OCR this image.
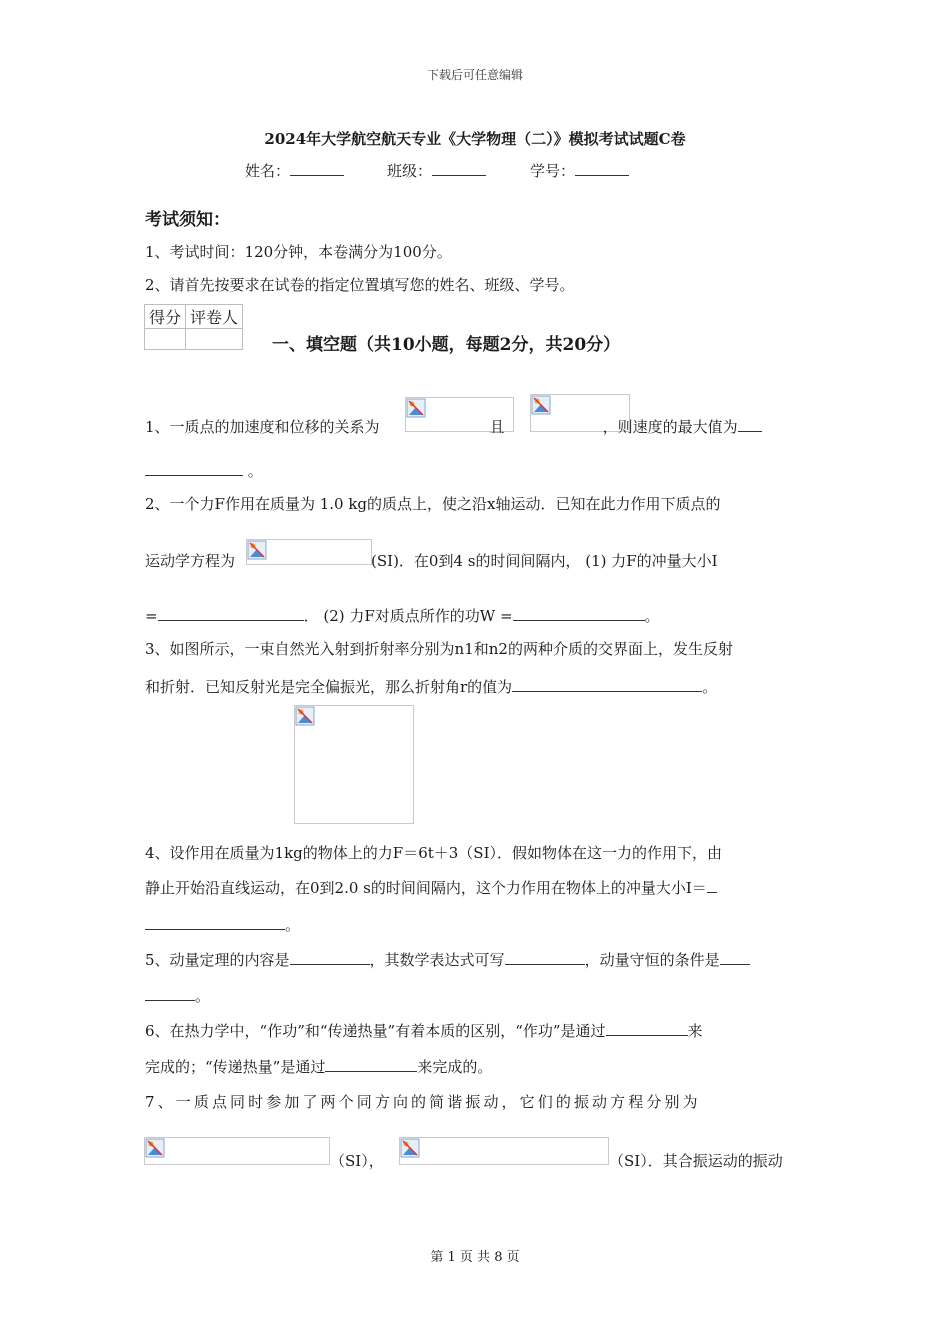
下载后可任意编辑
2024年大学航空航天专业《大学物理（二）》模拟考试试题C卷
姓名：	班级：	学号：
考试须知：
1、考试时间：120分钟，本卷满分为100分。
2、请首先按要求在试卷的指定位置填写您的姓名、班级、学号。
得分	评卷人

一、填空题（共10小题，每题2分，共20分）
1、一质点的加速度和位移的关系为	且	，则速度的最大值为
。
2、一个力F作用在质量为 1.0 kg的质点上，使之沿x轴运动．已知在此力作用下质点的
运动学方程为	(SI)．在0到4 s的时间间隔内， (1) 力F的冲量大小I
=	． (2) 力F对质点所作的功W =	。
3、如图所示，一束自然光入射到折射率分别为n1和n2的两种介质的交界面上，发生反射
和折射．已知反射光是完全偏振光，那么折射角r的值为	。
4、设作用在质量为1kg的物体上的力F＝6t＋3（SI）．假如物体在这一力的作用下，由
静止开始沿直线运动，在0到2.0 s的时间间隔内，这个力作用在物体上的冲量大小I＝
。
5、动量定理的内容是	，其数学表达式可写	，动量守恒的条件是
。
6、在热力学中，“作功”和“传递热量”有着本质的区别，“作功”是通过	来
完成的；“传递热量”是通过	来完成的。
7、一质点同时参加了两个同方向的简谐振动，它们的振动方程分别为
（SI），	（SI）．其合振运动的振动
第 1 页 共 8 页
